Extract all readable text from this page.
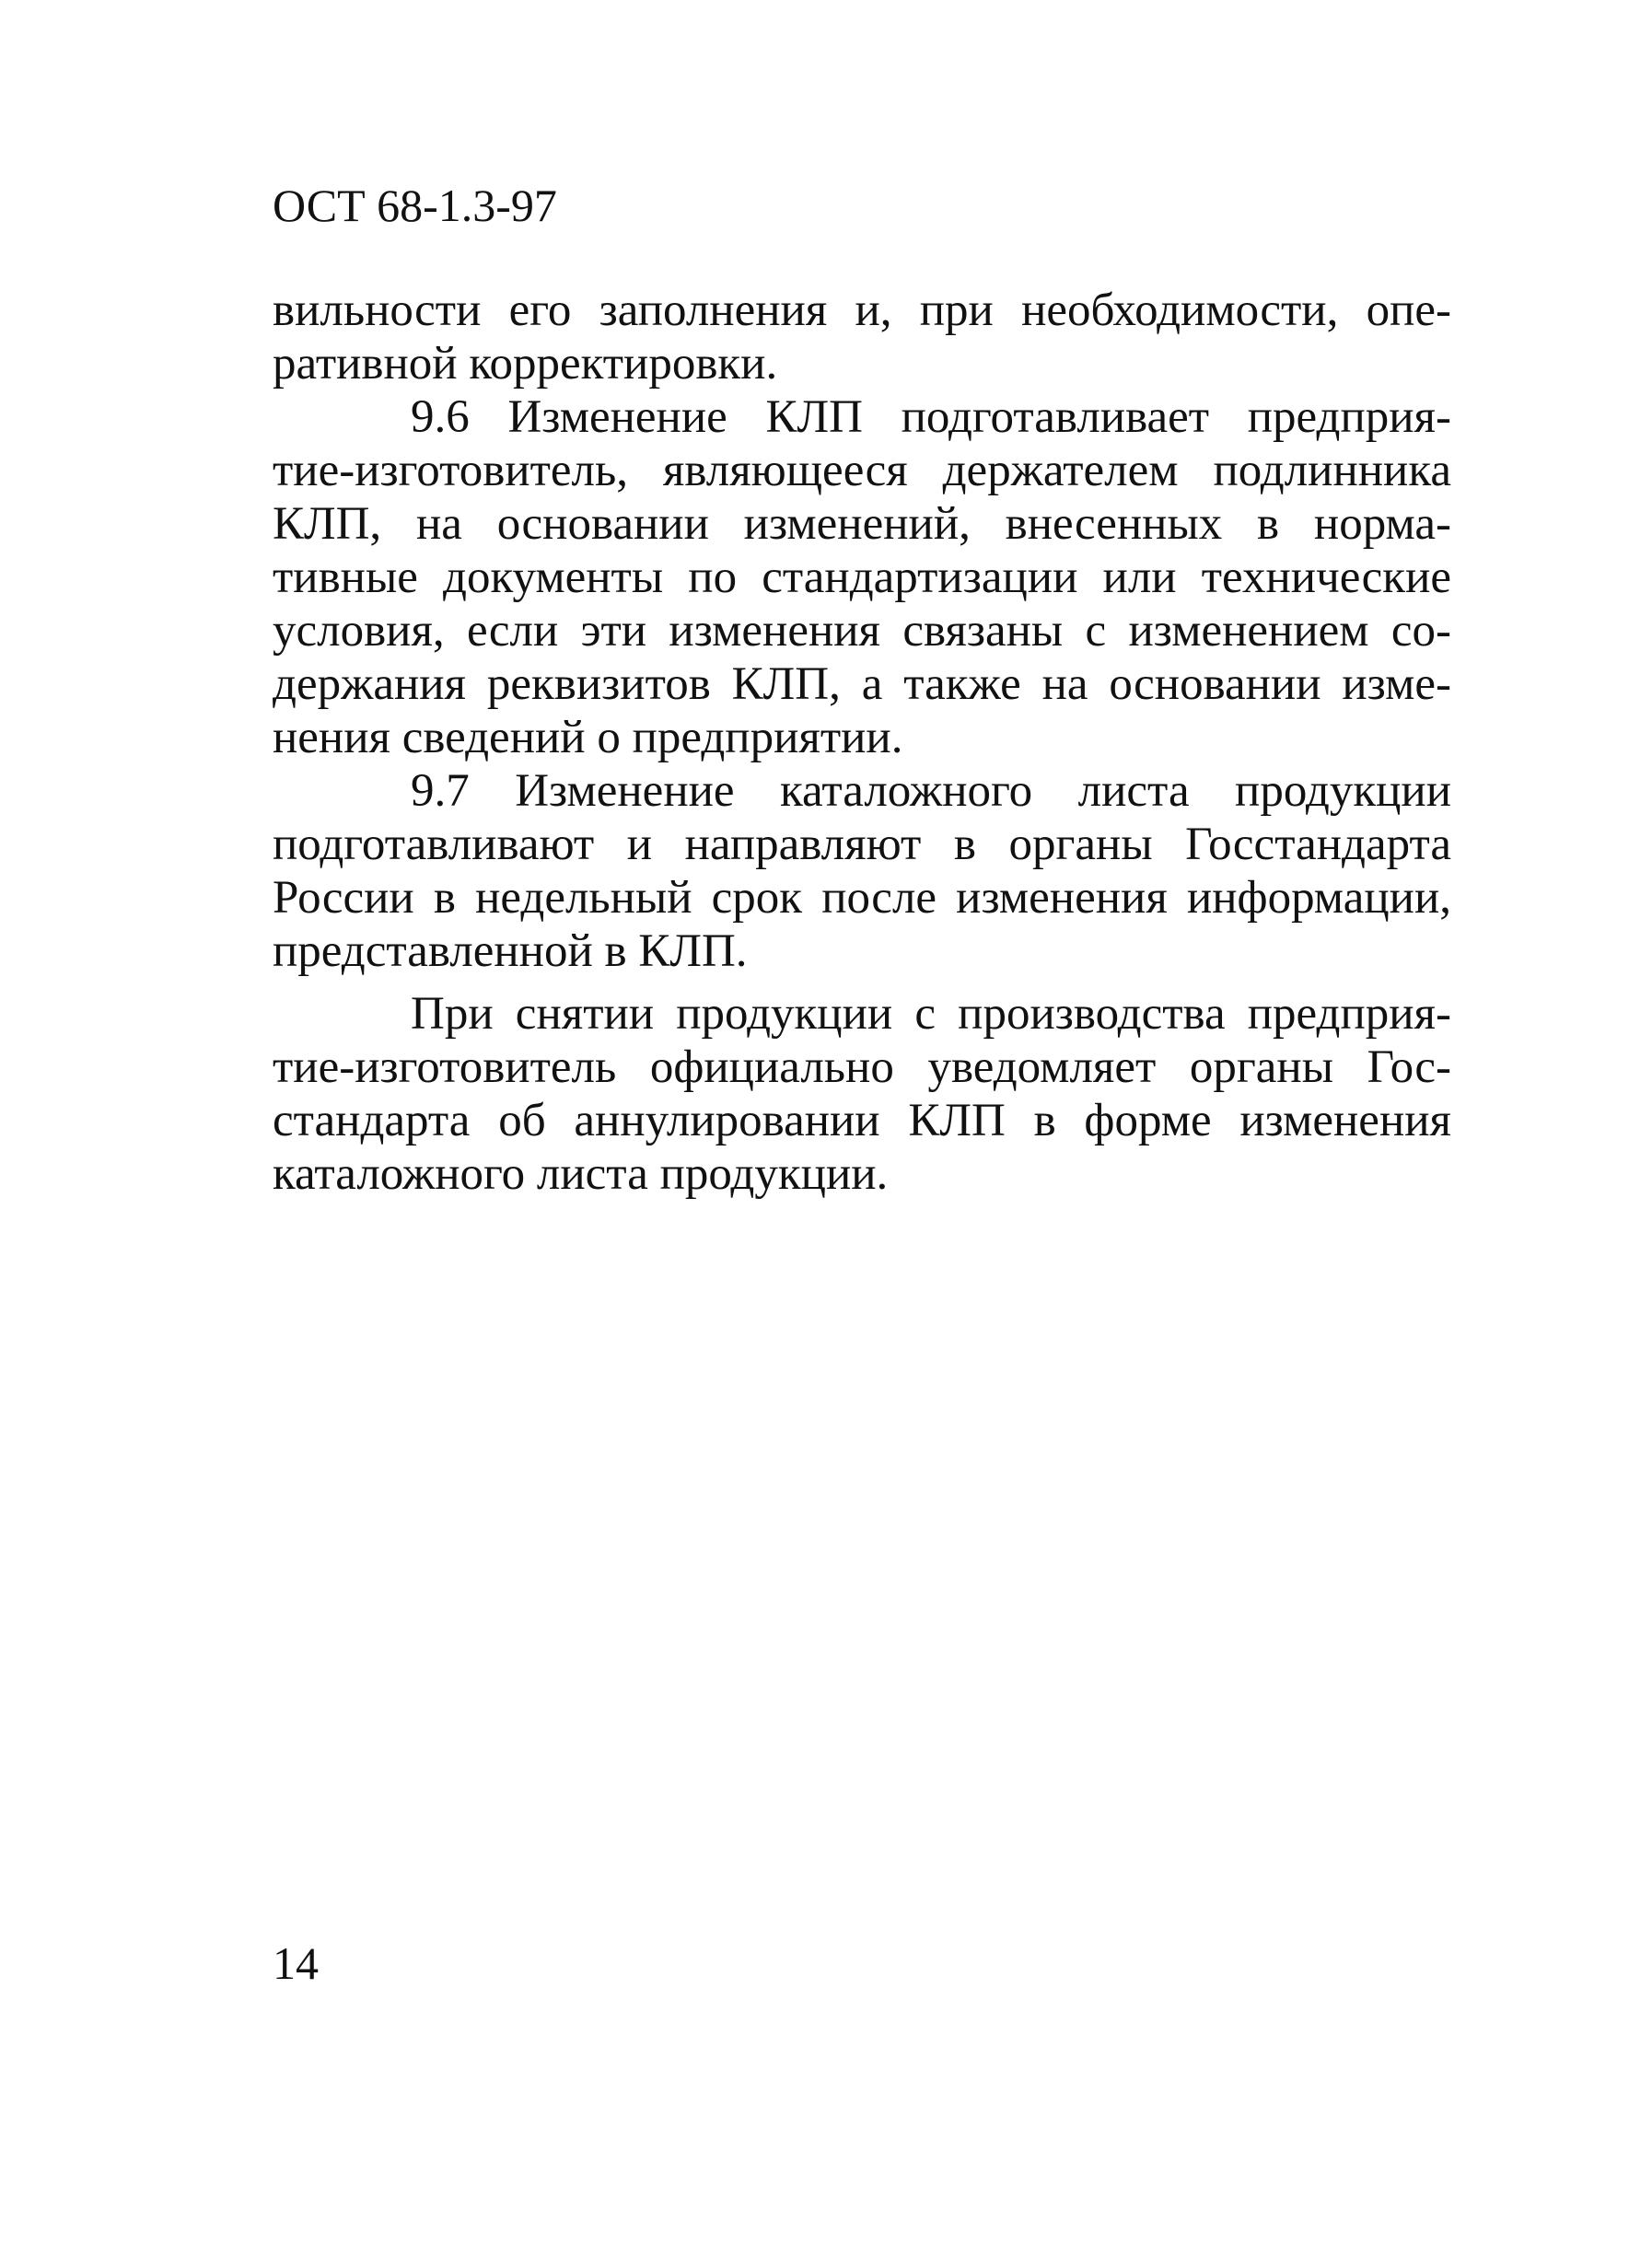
ОСТ 68-1.3-97
вильности его заполнения и, при необходимости, опе-
ративной корректировки.
9.6 Изменение КЛП подготавливает предприя-
тие-изготовитель, являющееся держателем подлинника
КЛП, на основании изменений, внесенных в норма-
тивные документы по стандартизации или технические
условия, если эти изменения связаны с изменением со-
держания реквизитов КЛП, а также на основании изме-
нения сведений о предприятии.
9.7 Изменение каталожного листа продукции
подготавливают и направляют в органы Госстандарта
России в недельный срок после изменения информации,
представленной в КЛП.
При снятии продукции с производства предприя-
тие-изготовитель официально уведомляет органы Гос-
стандарта об аннулировании КЛП в форме изменения
каталожного листа продукции.
14
